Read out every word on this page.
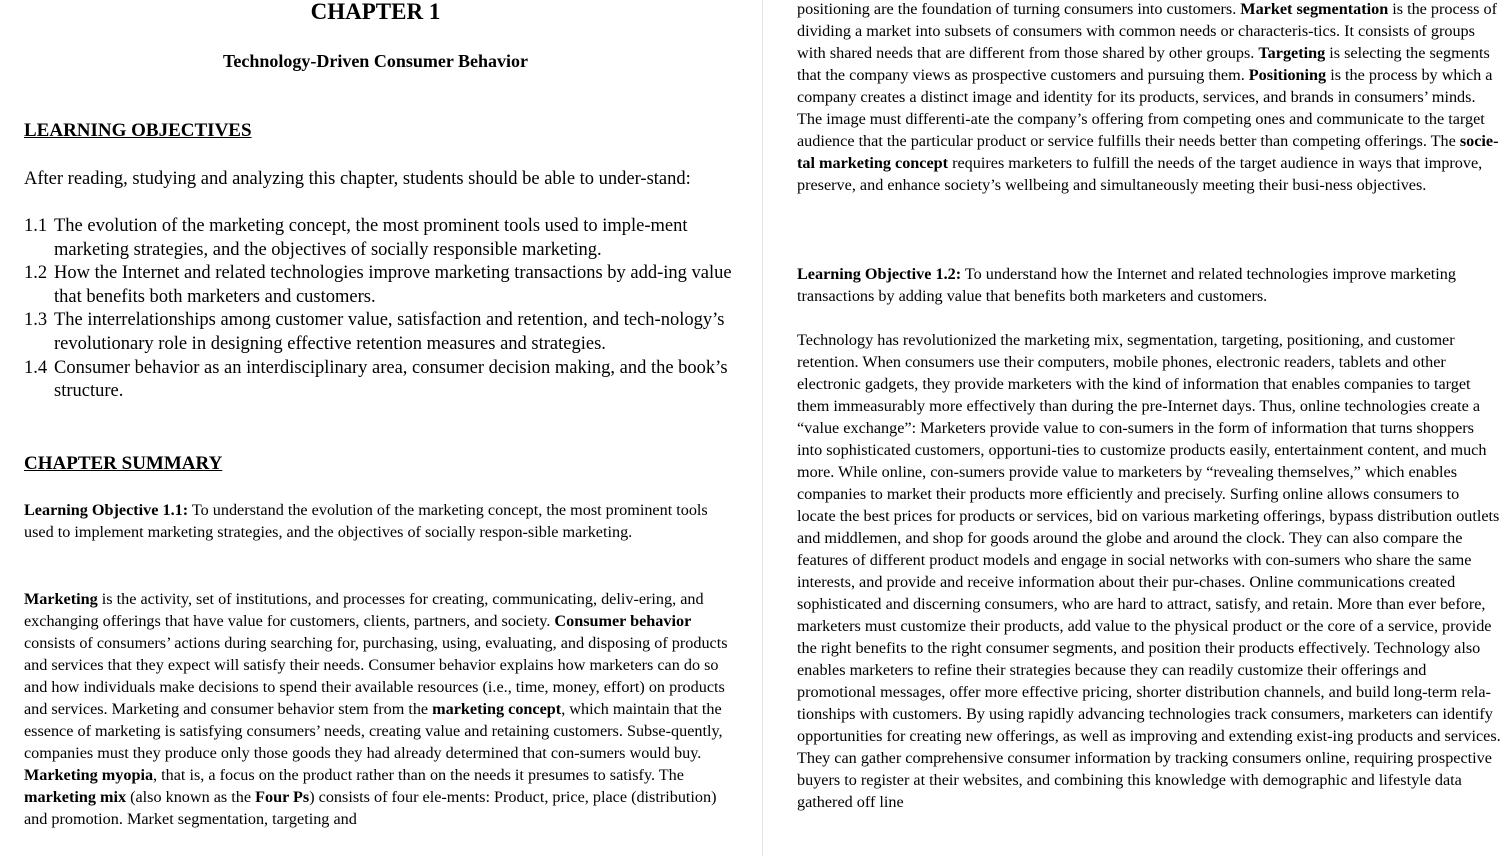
CHAPTER 1
Technology-Driven Consumer Behavior
LEARNING OBJECTIVES
After reading, studying and analyzing this chapter, students should be able to under-stand:
1.1 The evolution of the marketing concept, the most prominent tools used to imple-ment marketing strategies, and the objectives of socially responsible marketing.
1.2 How the Internet and related technologies improve marketing transactions by add-ing value that benefits both marketers and customers.
1.3 The interrelationships among customer value, satisfaction and retention, and tech-nology’s revolutionary role in designing effective retention measures and strategies.
1.4 Consumer behavior as an interdisciplinary area, consumer decision making, and the book’s structure.
CHAPTER SUMMARY

Learning Objective 1.1: To understand the evolution of the marketing concept, the most prominent tools used to implement marketing strategies, and the objectives of socially respon-sible marketing.

Marketing is the activity, set of institutions, and processes for creating, communicating, deliv-ering, and exchanging offerings that have value for customers, clients, partners, and society. Consumer behavior consists of consumers’ actions during searching for, purchasing, using, evaluating, and disposing of products and services that they expect will satisfy their needs. Consumer behavior explains how marketers can do so and how individuals make decisions to spend their available resources (i.e., time, money, effort) on products and services. Marketing and consumer behavior stem from the marketing concept, which maintain that the essence of marketing is satisfying consumers’ needs, creating value and retaining customers. Subse-quently, companies must they produce only those goods they had already determined that con-sumers would buy. Marketing myopia, that is, a focus on the product rather than on the needs it presumes to satisfy. The marketing mix (also known as the Four Ps) consists of four ele-ments: Product, price, place (distribution) and promotion. Market segmentation, targeting and

positioning are the foundation of turning consumers into customers. Market segmentation is the process of dividing a market into subsets of consumers with common needs or characteris-tics. It consists of groups with shared needs that are different from those shared by other groups. Targeting is selecting the segments that the company views as prospective customers and pursuing them. Positioning is the process by which a company creates a distinct image and identity for its products, services, and brands in consumers’ minds. The image must differenti-ate the company’s offering from competing ones and communicate to the target audience that the particular product or service fulfills their needs better than competing offerings. The socie-tal marketing concept requires marketers to fulfill the needs of the target audience in ways that improve, preserve, and enhance society’s wellbeing and simultaneously meeting their busi-ness objectives.

Learning Objective 1.2: To understand how the Internet and related technologies improve marketing transactions by adding value that benefits both marketers and customers.

Technology has revolutionized the marketing mix, segmentation, targeting, positioning, and customer retention. When consumers use their computers, mobile phones, electronic readers, tablets and other electronic gadgets, they provide marketers with the kind of information that enables companies to target them immeasurably more effectively than during the pre-Internet days. Thus, online technologies create a “value exchange”: Marketers provide value to con-sumers in the form of information that turns shoppers into sophisticated customers, opportuni-ties to customize products easily, entertainment content, and much more. While online, con-sumers provide value to marketers by “revealing themselves,” which enables companies to market their products more efficiently and precisely. Surfing online allows consumers to locate the best prices for products or services, bid on various marketing offerings, bypass distribution outlets and middlemen, and shop for goods around the globe and around the clock. They can also compare the features of different product models and engage in social networks with con-sumers who share the same interests, and provide and receive information about their pur-chases. Online communications created sophisticated and discerning consumers, who are hard to attract, satisfy, and retain. More than ever before, marketers must customize their products, add value to the physical product or the core of a service, provide the right benefits to the right consumer segments, and position their products effectively. Technology also enables marketers to refine their strategies because they can readily customize their offerings and promotional messages, offer more effective pricing, shorter distribution channels, and build long-term rela-tionships with customers. By using rapidly advancing technologies track consumers, marketers can identify opportunities for creating new offerings, as well as improving and extending exist-ing products and services. They can gather comprehensive consumer information by tracking consumers online, requiring prospective buyers to register at their websites, and combining this knowledge with demographic and lifestyle data gathered off line
